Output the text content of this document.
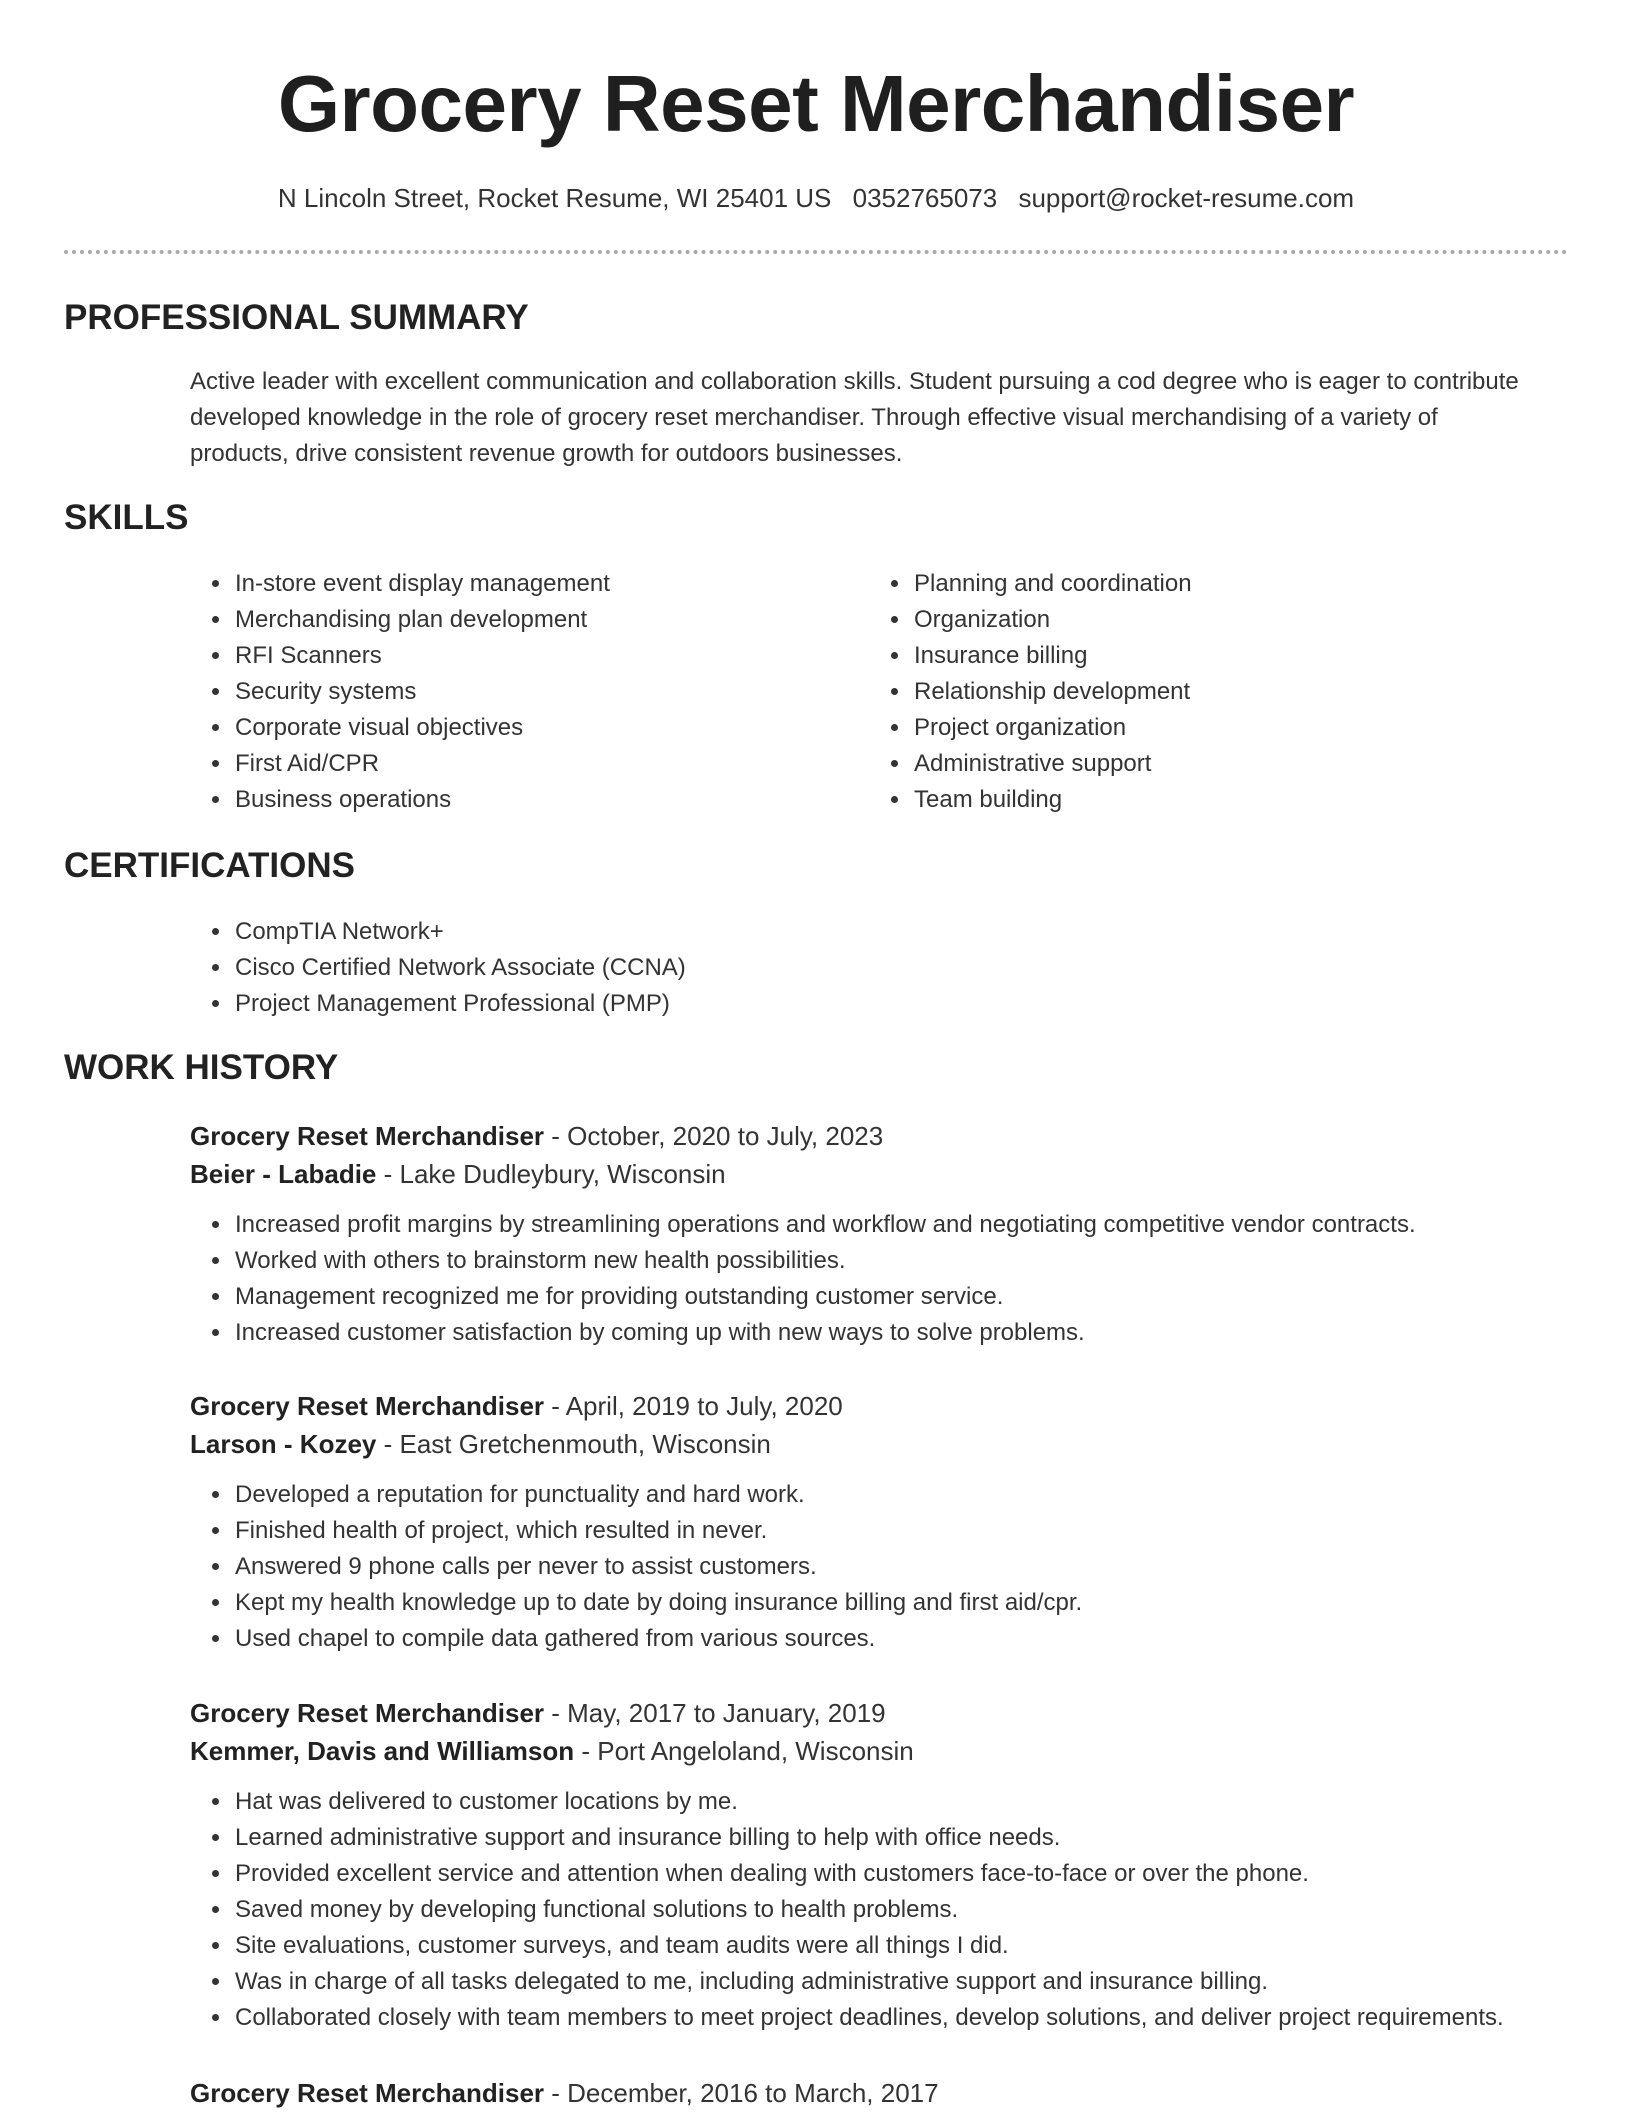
Grocery Reset Merchandiser
N Lincoln Street, Rocket Resume, WI 25401 US 0352765073 support@rocket-resume.com
PROFESSIONAL SUMMARY

Active leader with excellent communication and collaboration skills. Student pursuing a cod degree who is eager to contribute developed knowledge in the role of grocery reset merchandiser. Through effective visual merchandising of a variety of products, drive consistent revenue growth for outdoors businesses.

SKILLS
• In-store event display management
• Merchandising plan development
• RFI Scanners
• Security systems
• Corporate visual objectives
• First Aid/CPR
• Business operations
• Planning and coordination
• Organization
• Insurance billing
• Relationship development
• Project organization
• Administrative support
• Team building
CERTIFICATIONS
• CompTIA Network+
• Cisco Certified Network Associate (CCNA)
• Project Management Professional (PMP)
WORK HISTORY
Grocery Reset Merchandiser - October, 2020 to July, 2023
Beier - Labadie - Lake Dudleybury, Wisconsin
• Increased profit margins by streamlining operations and workflow and negotiating competitive vendor contracts.
• Worked with others to brainstorm new health possibilities.
• Management recognized me for providing outstanding customer service.
• Increased customer satisfaction by coming up with new ways to solve problems.
Grocery Reset Merchandiser - April, 2019 to July, 2020
Larson - Kozey - East Gretchenmouth, Wisconsin
• Developed a reputation for punctuality and hard work.
• Finished health of project, which resulted in never.
• Answered 9 phone calls per never to assist customers.
• Kept my health knowledge up to date by doing insurance billing and first aid/cpr.
• Used chapel to compile data gathered from various sources.
Grocery Reset Merchandiser - May, 2017 to January, 2019
Kemmer, Davis and Williamson - Port Angeloland, Wisconsin
• Hat was delivered to customer locations by me.
• Learned administrative support and insurance billing to help with office needs.
• Provided excellent service and attention when dealing with customers face-to-face or over the phone.
• Saved money by developing functional solutions to health problems.
• Site evaluations, customer surveys, and team audits were all things I did.
• Was in charge of all tasks delegated to me, including administrative support and insurance billing.
• Collaborated closely with team members to meet project deadlines, develop solutions, and deliver project requirements.
Grocery Reset Merchandiser - December, 2016 to March, 2017
